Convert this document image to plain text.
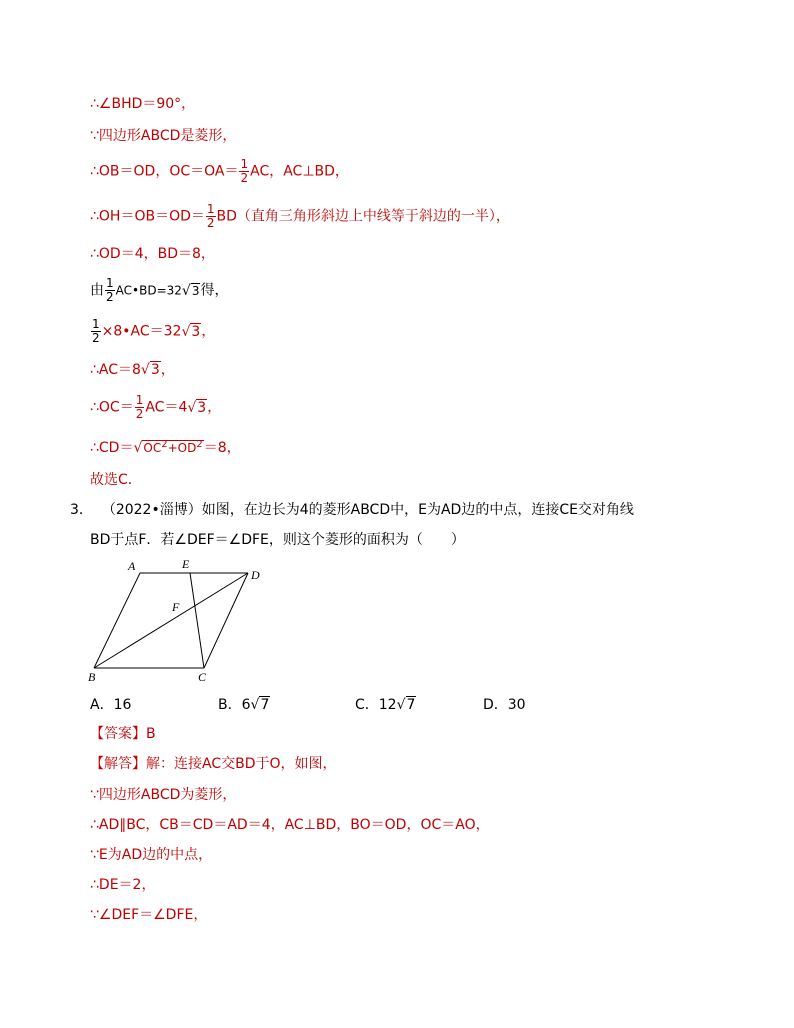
∴∠BHD＝90°，
∵四边形ABCD是菱形，
∴OB＝OD，$OC=OA= \frac{1}{2}$ AC，AC⊥BD，
∴OH＝OB＝OD＝ $\frac{1}{2} BD$（直角三角形斜边上中线等于斜边的一半），
∴OD＝4，BD＝8，
由 $\frac{1}{2}$ AC•BD=32√3得，
$\frac{1}{2}$ ×8•AC＝32√3，
∴AC＝8√3，
∴OC＝ $\frac{1}{2} AC=4√3$，
$\therefore CD=√OC^2+OD^2=8$，
故选C．
3． （2022•淄博）如图，在边长为4的菱形ABCD中，E为AD边的中点，连接CE交对角线
BD于点F．若∠DEF＝∠DFE，则这个菱形的面积为（　　）
A	E
D
F
B	C
A．16	B．6√7	C．12√7	D．30
【答案】B
【解答】解：连接AC交BD于O，如图，
∵四边形ABCD为菱形，
∴AD∥BC，CB＝CD＝AD＝4，AC⊥BD，BO＝OD，OC＝AO，
∵E为AD边的中点，
∴DE＝2，
∵∠DEF＝∠DFE，
